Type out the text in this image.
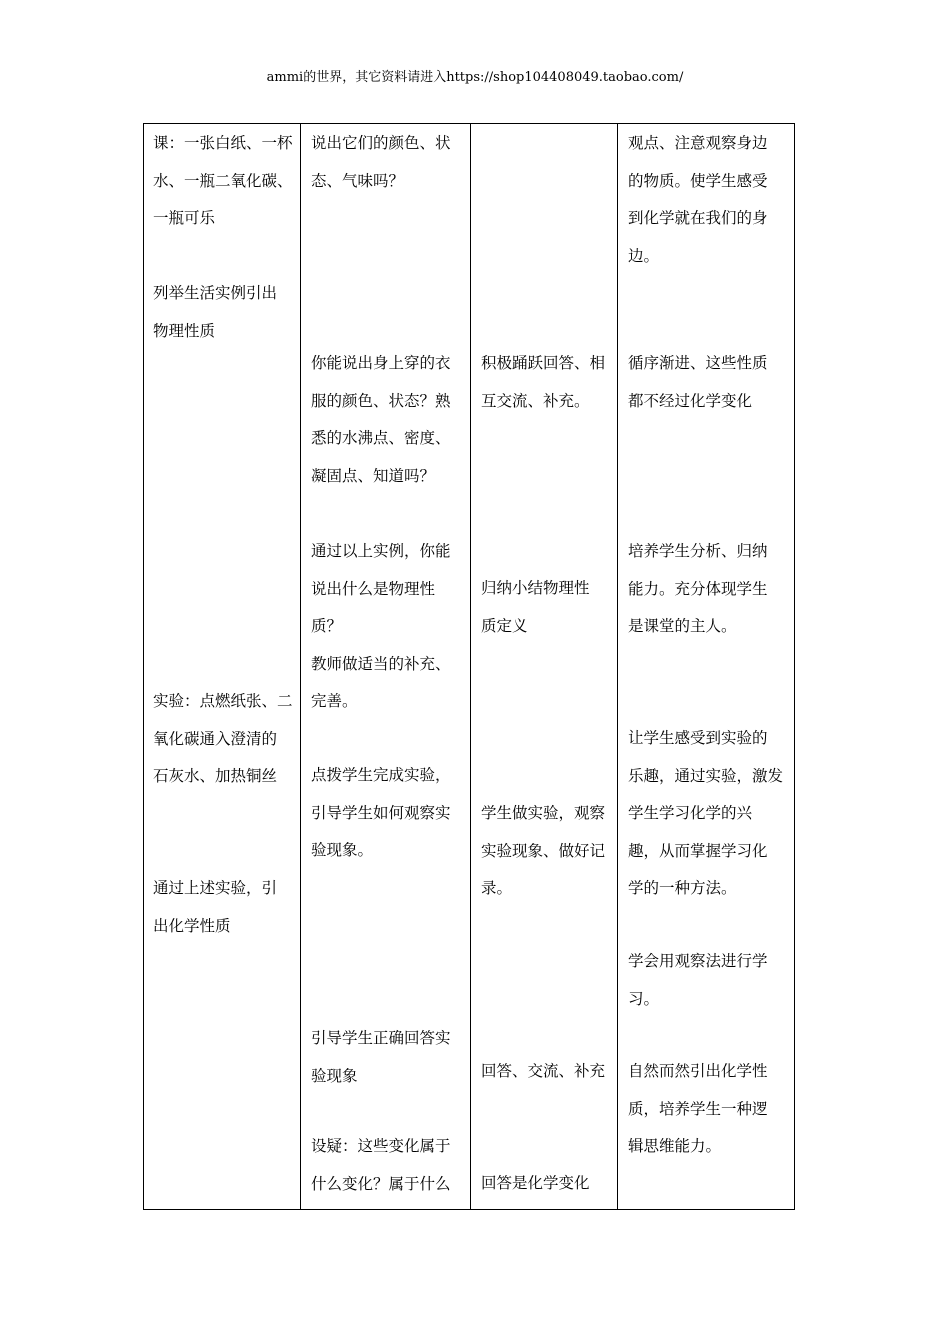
ammi的世界，其它资料请进入https://shop104408049.taobao.com/
课：一张白纸、一杯
水、一瓶二氧化碳、
一瓶可乐
列举生活实例引出
物理性质
实验：点燃纸张、二
氧化碳通入澄清的
石灰水、加热铜丝
通过上述实验，引
出化学性质
说出它们的颜色、状
态、气味吗？
你能说出身上穿的衣
服的颜色、状态？熟
悉的水沸点、密度、
凝固点、知道吗？
通过以上实例，你能
说出什么是物理性
质？
教师做适当的补充、
完善。
点拨学生完成实验，
引导学生如何观察实
验现象。
引导学生正确回答实
验现象
设疑：这些变化属于
什么变化？属于什么
积极踊跃回答、相
互交流、补充。
归纳小结物理性
质定义
学生做实验，观察
实验现象、做好记
录。
回答、交流、补充
回答是化学变化
观点、注意观察身边
的物质。使学生感受
到化学就在我们的身
边。
循序渐进、这些性质
都不经过化学变化
培养学生分析、归纳
能力。充分体现学生
是课堂的主人。
让学生感受到实验的
乐趣，通过实验，激发
学生学习化学的兴
趣，从而掌握学习化
学的一种方法。
学会用观察法进行学
习。
自然而然引出化学性
质，培养学生一种逻
辑思维能力。
